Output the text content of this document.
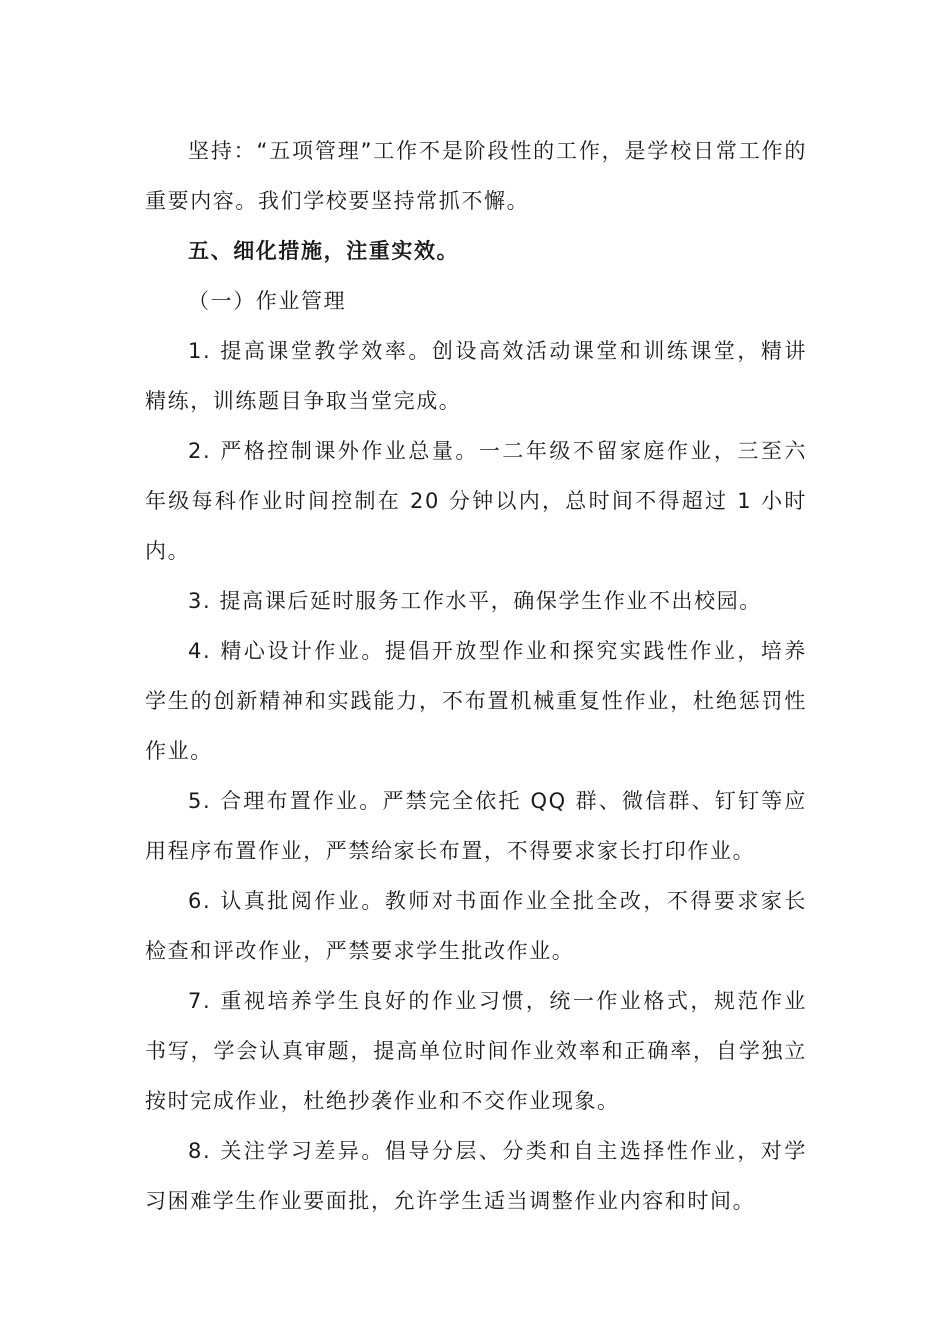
坚持：“五项管理”工作不是阶段性的工作，是学校日常工作的重要内容。我们学校要坚持常抓不懈。

五、细化措施，注重实效。

（一）作业管理

1. 提高课堂教学效率。创设高效活动课堂和训练课堂，精讲精练，训练题目争取当堂完成。

2. 严格控制课外作业总量。一二年级不留家庭作业，三至六年级每科作业时间控制在 20 分钟以内，总时间不得超过 1 小时内。

3. 提高课后延时服务工作水平，确保学生作业不出校园。

4. 精心设计作业。提倡开放型作业和探究实践性作业，培养学生的创新精神和实践能力，不布置机械重复性作业，杜绝惩罚性作业。

5. 合理布置作业。严禁完全依托 QQ 群、微信群、钉钉等应用程序布置作业，严禁给家长布置，不得要求家长打印作业。

6. 认真批阅作业。教师对书面作业全批全改，不得要求家长检查和评改作业，严禁要求学生批改作业。

7. 重视培养学生良好的作业习惯，统一作业格式，规范作业书写，学会认真审题，提高单位时间作业效率和正确率，自学独立按时完成作业，杜绝抄袭作业和不交作业现象。

8. 关注学习差异。倡导分层、分类和自主选择性作业，对学习困难学生作业要面批，允许学生适当调整作业内容和时间。
